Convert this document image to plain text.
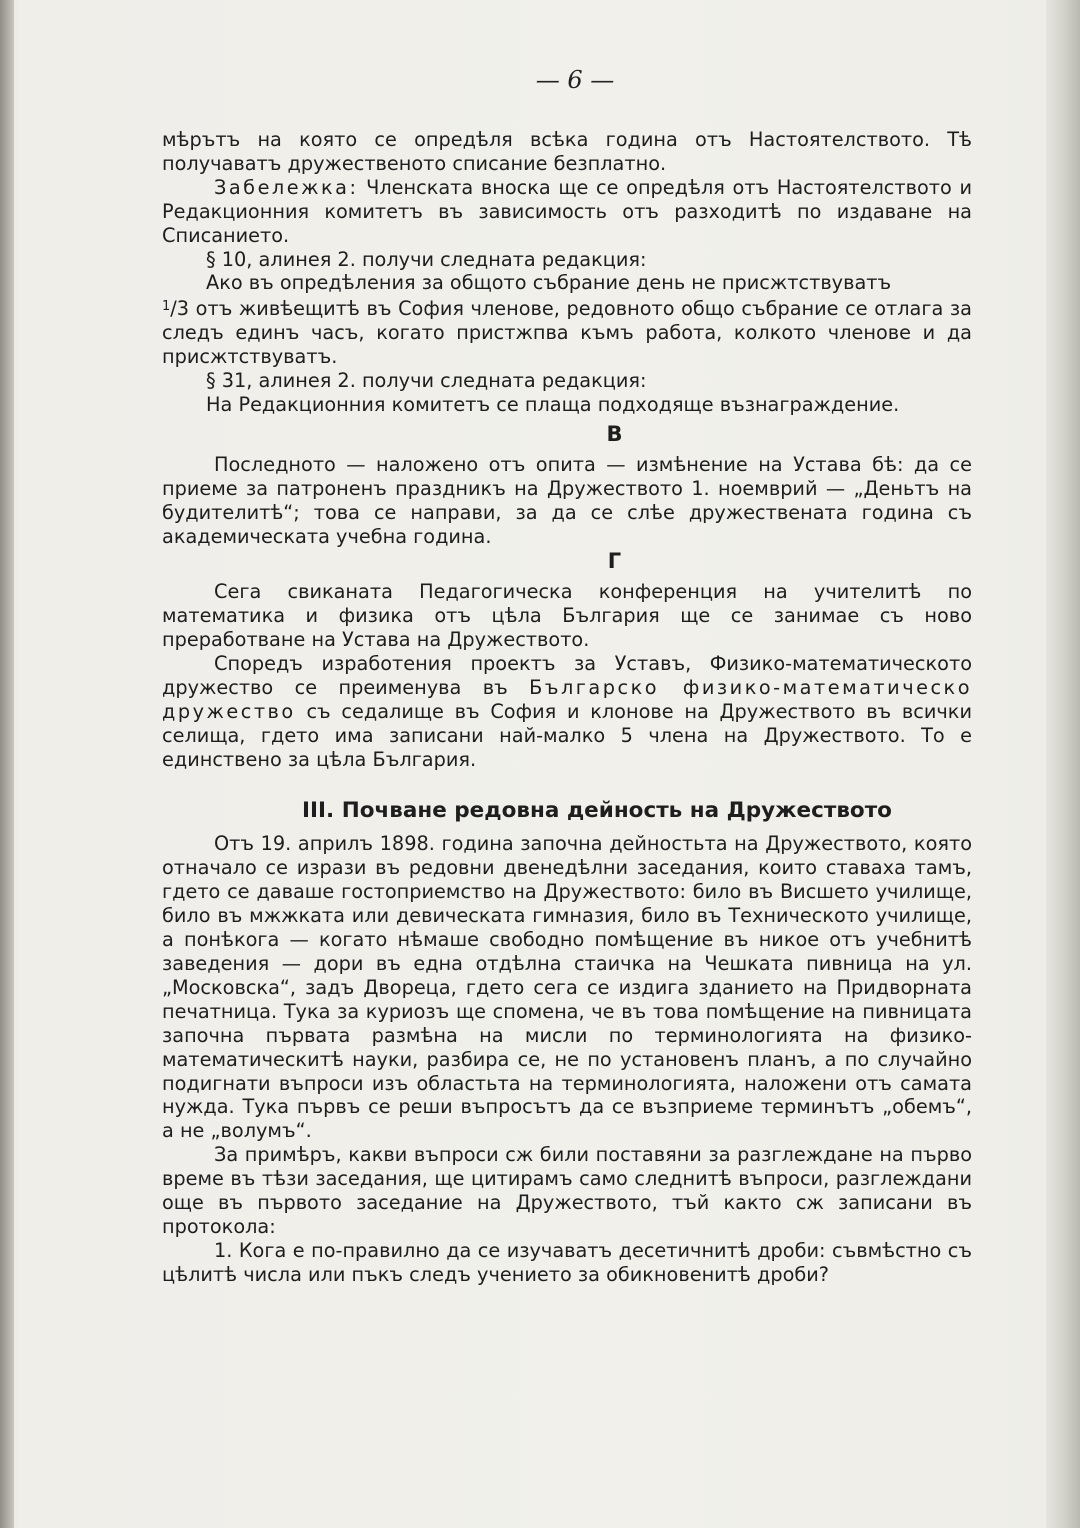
— 6 —

мѣрътъ на която се опредѣля всѣка година отъ Настоятелството. Тѣ получаватъ дружественото списание безплатно.

Забележка: Членската вноска ще се опредѣля отъ Настоятелството и Редакционния комитетъ въ зависимость отъ разходитѣ по издаване на Списанието.

§ 10, алинея 2. получи следната редакция:

Ако въ опредѣления за общото събрание день не присжтствуватъ

$^1$/3 отъ живѣещитѣ въ София членове, редовното общо събрание се отлага за следъ единъ часъ, когато пристжпва къмъ работа, колкото членове и да присжтствуватъ.

§ 31, алинея 2. получи следната редакция:

На Редакционния комитетъ се плаща подходяще възнаграждение.

В

Последното — наложено отъ опита — измѣнение на Устава бѣ: да се приеме за патроненъ праздникъ на Дружеството 1. ноемврий — „Деньтъ на будителитѣ“; това се направи, за да се слѣе дружествената година съ академическата учебна година.

Г

Сега свиканата Педагогическа конференция на учителитѣ по математика и физика отъ цѣла България ще се занимае съ ново преработване на Устава на Дружеството.

Споредъ изработения проектъ за Уставъ, Физико-математическото дружество се преименува въ Българско физико-математическо дружество съ седалище въ София и клонове на Дружеството въ всички селища, гдето има записани най-малко 5 члена на Дружеството. То е единствено за цѣла България.

III. Почване редовна дейность на Дружеството

Отъ 19. априлъ 1898. година започна дейностьта на Дружеството, която отначало се изрази въ редовни двенедѣлни заседания, които ставаха тамъ, гдето се даваше гостоприемство на Дружеството: било въ Висшето училище, било въ мжжката или девическата гимназия, било въ Техническото училище, а понѣкога — когато нѣмаше свободно помѣщение въ никое отъ учебнитѣ заведения — дори въ една отдѣлна стаичка на Чешката пивница на ул. „Московска“, задъ Двореца, гдето сега се издига зданието на Придворната печатница. Тука за куриозъ ще спомена, че въ това помѣщение на пивницата започна първата размѣна на мисли по терминологията на физико-математическитѣ науки, разбира се, не по установенъ планъ, а по случайно подигнати въпроси изъ областьта на терминологията, наложени отъ самата нужда. Тука първъ се реши въпросътъ да се възприеме терминътъ „обемъ“, а не „волумъ“.

За примѣръ, какви въпроси сж били поставяни за разглеждане на първо време въ тѣзи заседания, ще цитирамъ само следнитѣ въпроси, разглеждани още въ първото заседание на Дружеството, тъй както сж записани въ протокола:

1. Кога е по-правилно да се изучаватъ десетичнитѣ дроби: съвмѣстно съ цѣлитѣ числа или пъкъ следъ учението за обикновенитѣ дроби?
